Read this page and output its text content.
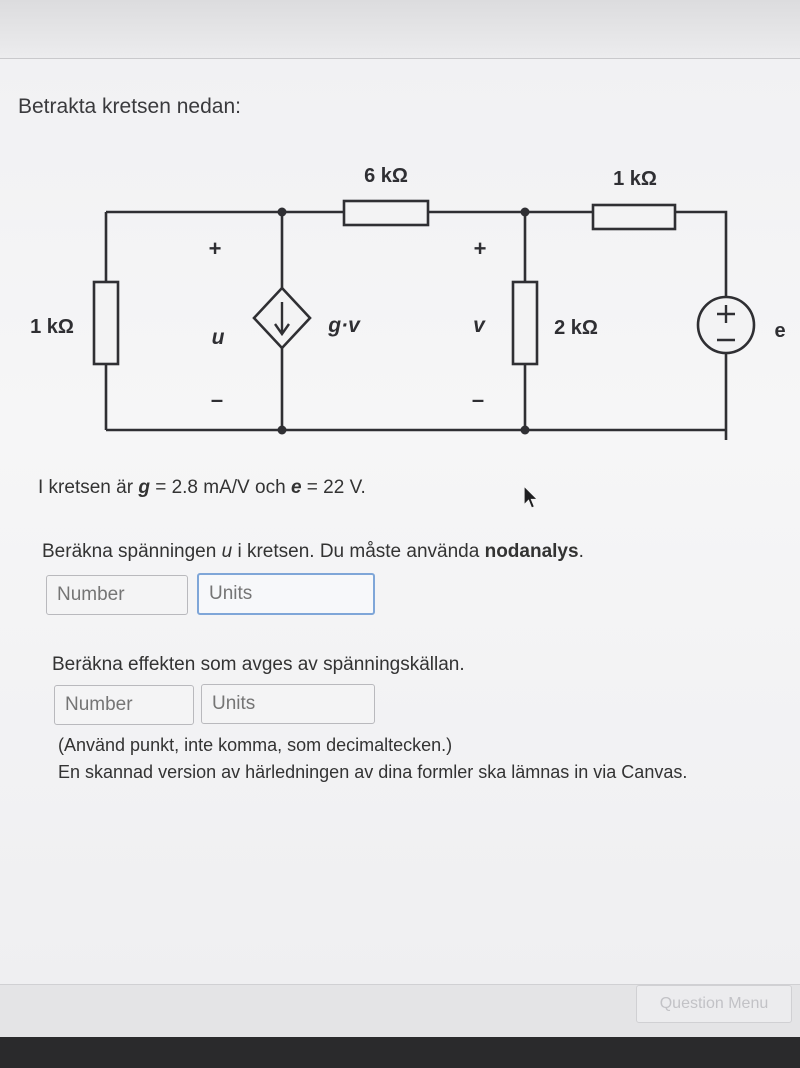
Betrakta kretsen nedan:
6 kΩ	1 kΩ
1 kΩ	2 kΩ	e
+	+
–	–
u
v
g·v
I kretsen är g = 2.8 mA/V och e = 22 V.
Beräkna spänningen u i kretsen. Du måste använda nodanalys.
Number
Units
Beräkna effekten som avges av spänningskällan.
Number
Units
(Använd punkt, inte komma, som decimaltecken.)
En skannad version av härledningen av dina formler ska lämnas in via Canvas.
Question Menu
